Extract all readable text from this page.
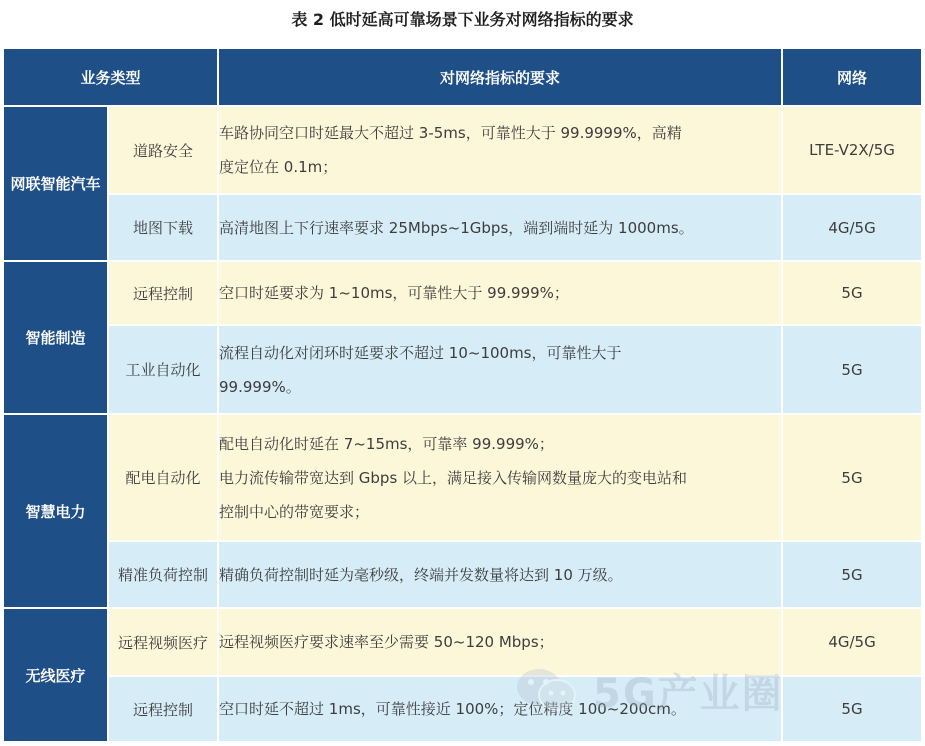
表 2 低时延高可靠场景下业务对网络指标的要求
业务类型		对网络指标的要求	网络
网联智能汽车	道路安全	车路协同空口时延最大不超过 3-5ms，可靠性大于 99.9999%，高精
度定位在 0.1m；	LTE-V2X/5G
	地图下载	高清地图上下行速率要求 25Mbps~1Gbps，端到端时延为 1000ms。	4G/5G
智能制造	远程控制	空口时延要求为 1~10ms，可靠性大于 99.999%；	5G
	工业自动化	流程自动化对闭环时延要求不超过 10~100ms，可靠性大于
99.999%。	5G
智慧电力	配电自动化	配电自动化时延在 7~15ms，可靠率 99.999%；
电力流传输带宽达到 Gbps 以上，满足接入传输网数量庞大的变电站和
控制中心的带宽要求；	5G
	精准负荷控制	精确负荷控制时延为毫秒级，终端并发数量将达到 10 万级。	5G
无线医疗	远程视频医疗	远程视频医疗要求速率至少需要 50~120 Mbps；	4G/5G
	远程控制	空口时延不超过 1ms，可靠性接近 100%；定位精度 100~200cm。	5G
5G产业圈
